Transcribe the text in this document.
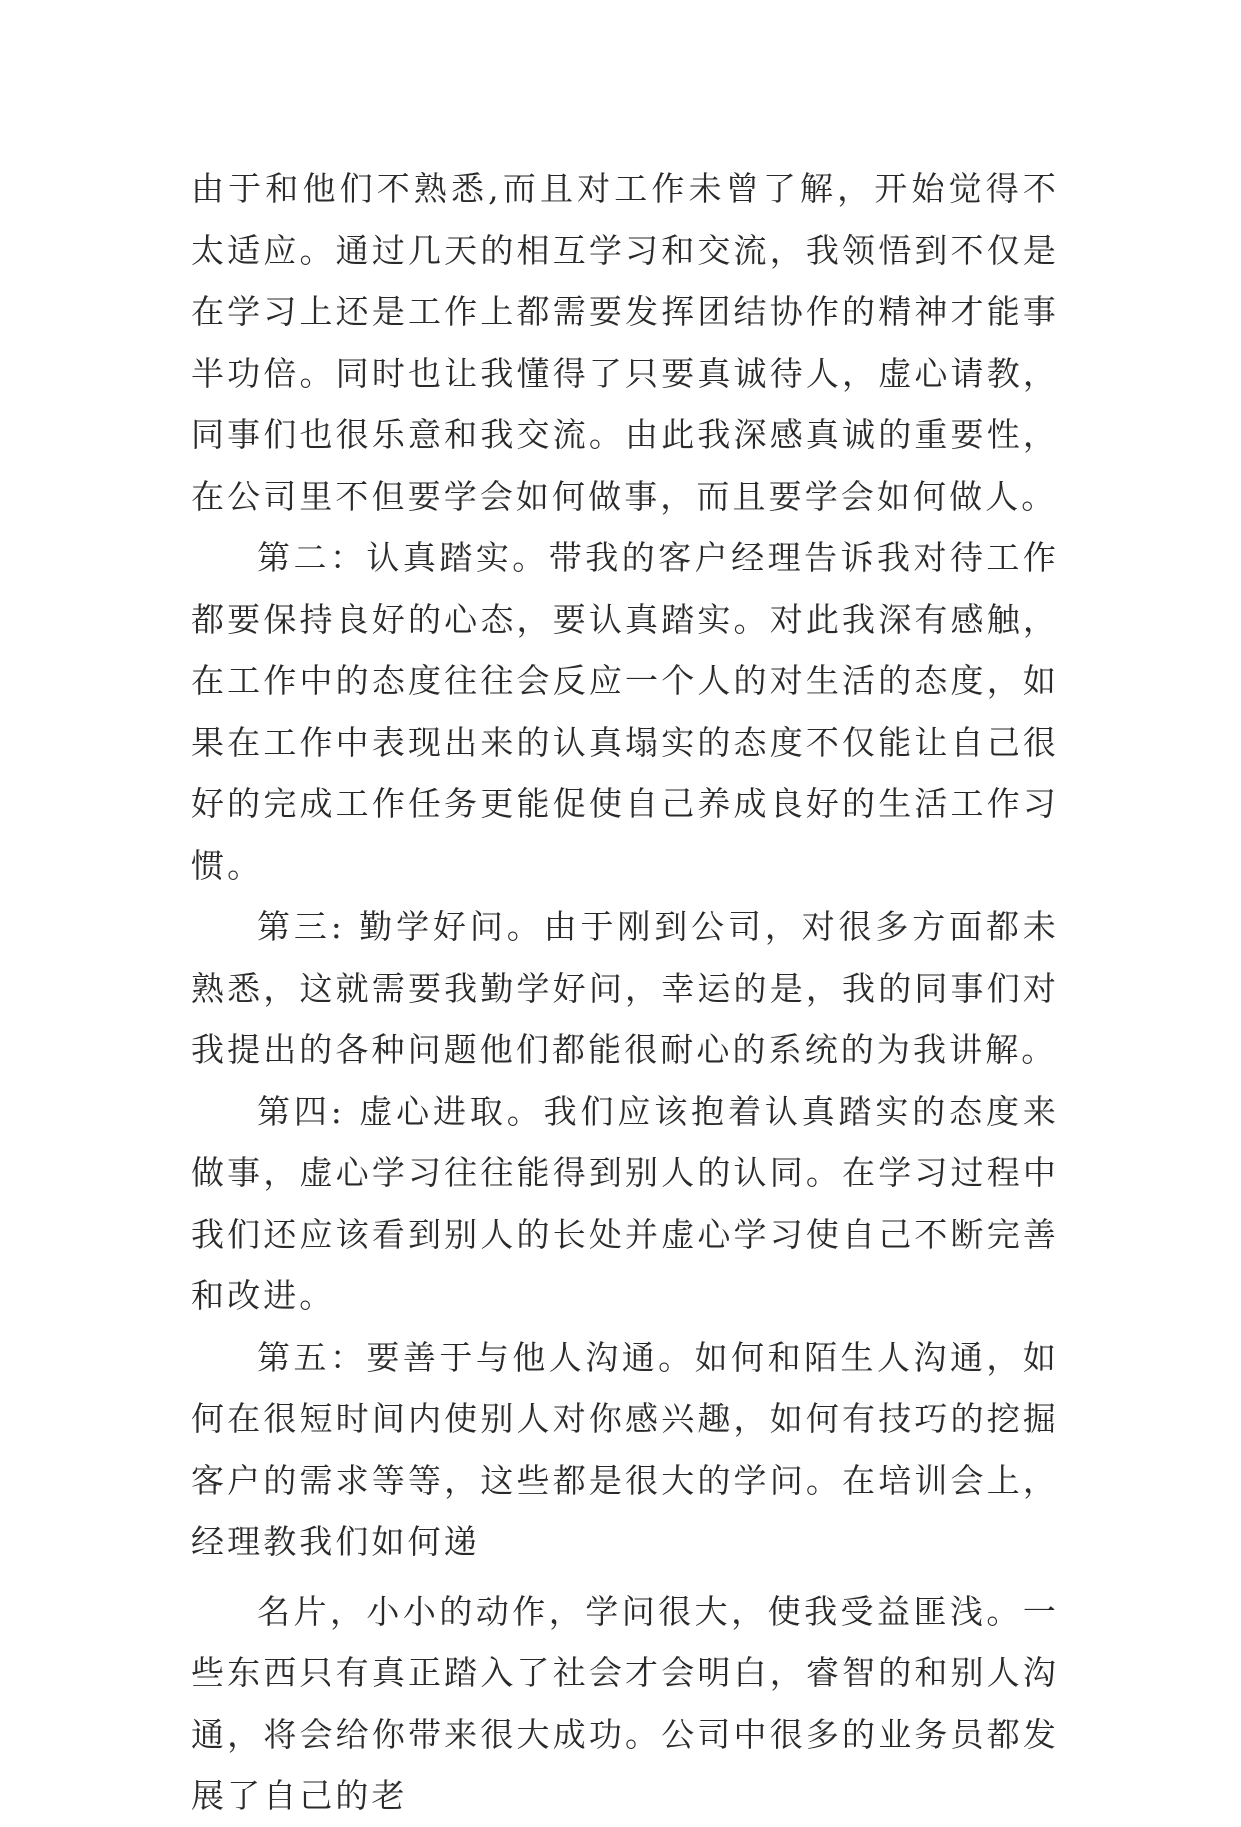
由于和他们不熟悉,而且对工作未曾了解，开始觉得不太适应。通过几天的相互学习和交流，我领悟到不仅是在学习上还是工作上都需要发挥团结协作的精神才能事半功倍。同时也让我懂得了只要真诚待人，虚心请教，同事们也很乐意和我交流。由此我深感真诚的重要性，在公司里不但要学会如何做事，而且要学会如何做人。

第二：认真踏实。带我的客户经理告诉我对待工作都要保持良好的心态，要认真踏实。对此我深有感触，在工作中的态度往往会反应一个人的对生活的态度，如果在工作中表现出来的认真塌实的态度不仅能让自己很好的完成工作任务更能促使自己养成良好的生活工作习惯。

第三: 勤学好问。由于刚到公司，对很多方面都未熟悉，这就需要我勤学好问，幸运的是，我的同事们对我提出的各种问题他们都能很耐心的系统的为我讲解。

第四: 虚心进取。我们应该抱着认真踏实的态度来做事，虚心学习往往能得到别人的认同。在学习过程中我们还应该看到别人的长处并虚心学习使自己不断完善和改进。

第五：要善于与他人沟通。如何和陌生人沟通，如何在很短时间内使别人对你感兴趣，如何有技巧的挖掘客户的需求等等，这些都是很大的学问。在培训会上，经理教我们如何递

名片，小小的动作，学问很大，使我受益匪浅。一些东西只有真正踏入了社会才会明白，睿智的和别人沟通，将会给你带来很大成功。公司中很多的业务员都发展了自己的老
